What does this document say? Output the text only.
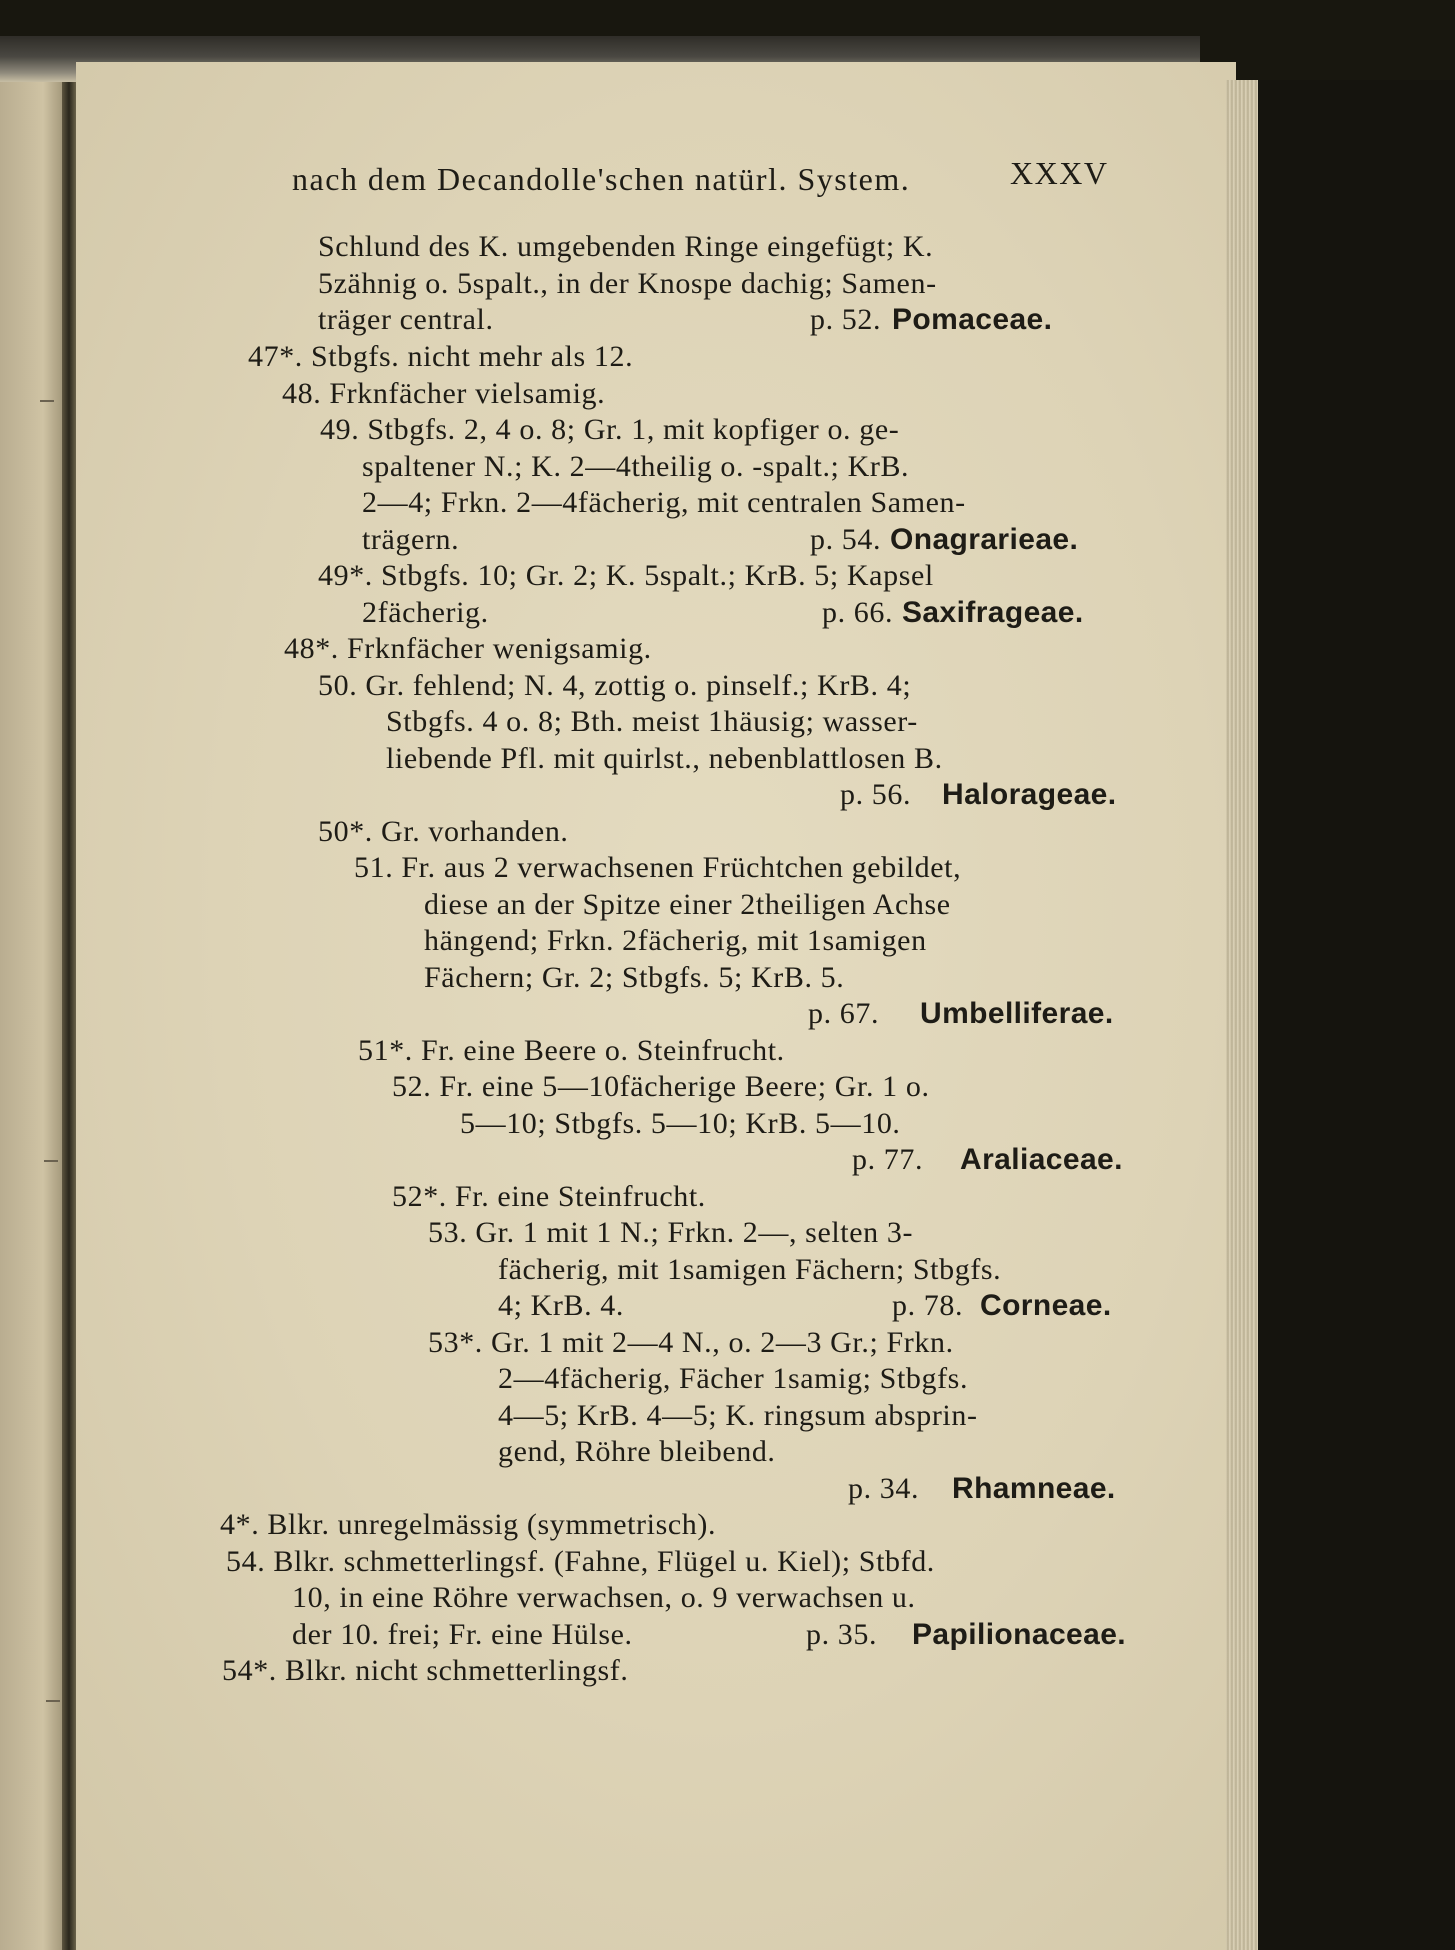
nach dem Decandolle'schen natürl. System.	XXXV
Schlund des K. umgebenden Ringe eingefügt; K.
5zähnig o. 5spalt., in der Knospe dachig; Samen-
träger central.	p. 52. Pomaceae.
47*. Stbgfs. nicht mehr als 12.
48. Frknfächer vielsamig.
49. Stbgfs. 2, 4 o. 8; Gr. 1, mit kopfiger o. ge-
spaltener N.; K. 2—4theilig o. -spalt.; KrB.
2—4; Frkn. 2—4fächerig, mit centralen Samen-
trägern.	p. 54. Onagrarieae.
49*. Stbgfs. 10; Gr. 2; K. 5spalt.; KrB. 5; Kapsel
2fächerig.	p. 66. Saxifrageae.
48*. Frknfächer wenigsamig.
50. Gr. fehlend; N. 4, zottig o. pinself.; KrB. 4;
Stbgfs. 4 o. 8; Bth. meist 1häusig; wasser-
liebende Pfl. mit quirlst., nebenblattlosen B.
p. 56. Halorageae.
50*. Gr. vorhanden.
51. Fr. aus 2 verwachsenen Früchtchen gebildet,
diese an der Spitze einer 2theiligen Achse
hängend; Frkn. 2fächerig, mit 1samigen
Fächern; Gr. 2; Stbgfs. 5; KrB. 5.
p. 67. Umbelliferae.
51*. Fr. eine Beere o. Steinfrucht.
52. Fr. eine 5—10fächerige Beere; Gr. 1 o.
5—10; Stbgfs. 5—10; KrB. 5—10.
p. 77. Araliaceae.
52*. Fr. eine Steinfrucht.
53. Gr. 1 mit 1 N.; Frkn. 2—, selten 3-
fächerig, mit 1samigen Fächern; Stbgfs.
4; KrB. 4.	p. 78. Corneae.
53*. Gr. 1 mit 2—4 N., o. 2—3 Gr.; Frkn.
2—4fächerig, Fächer 1samig; Stbgfs.
4—5; KrB. 4—5; K. ringsum absprin-
gend, Röhre bleibend.
p. 34. Rhamneae.
4*. Blkr. unregelmässig (symmetrisch).
54. Blkr. schmetterlingsf. (Fahne, Flügel u. Kiel); Stbfd.
10, in eine Röhre verwachsen, o. 9 verwachsen u.
der 10. frei; Fr. eine Hülse.	p. 35. Papilionaceae.
54*. Blkr. nicht schmetterlingsf.
